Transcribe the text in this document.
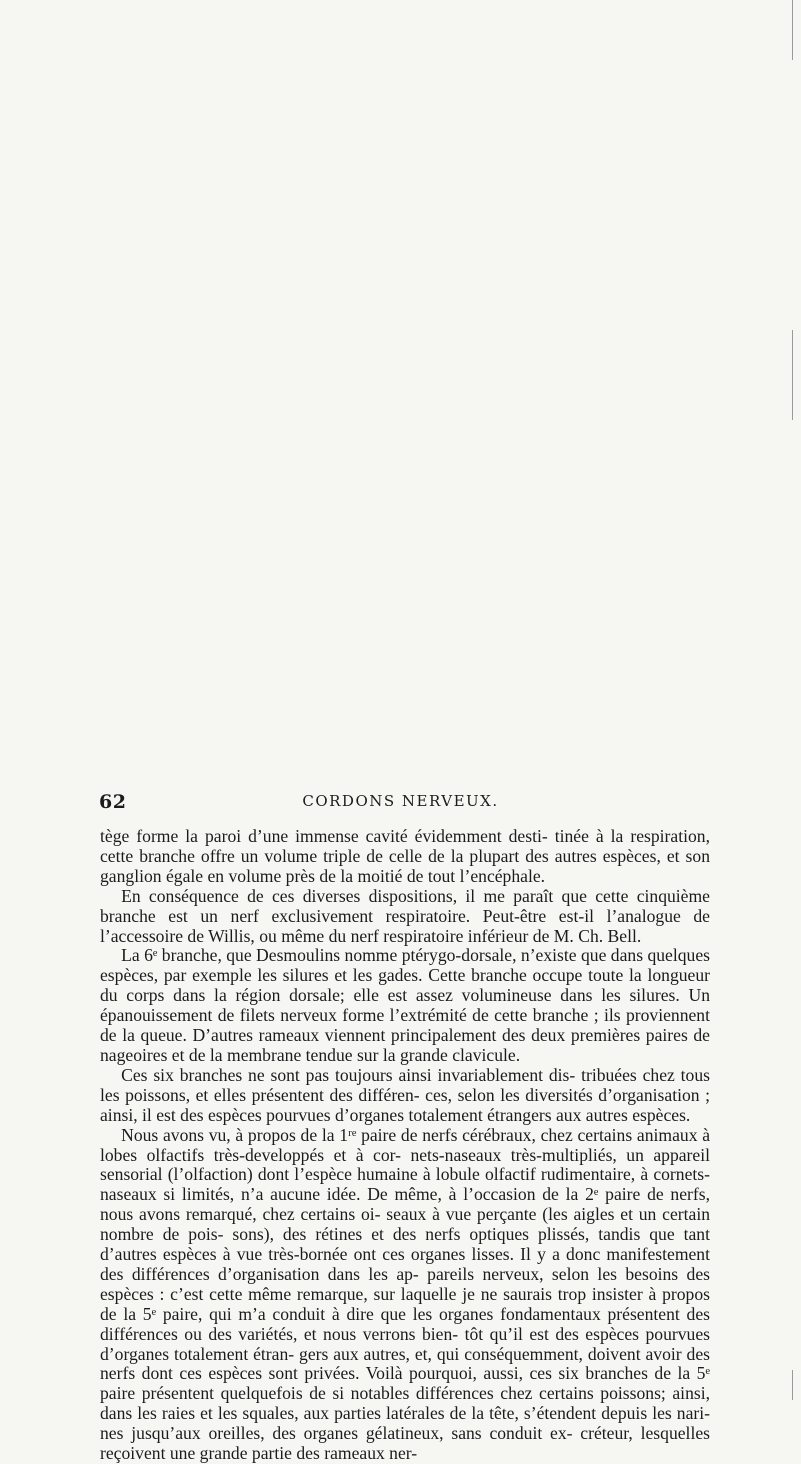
62	CORDONS NERVEUX.

tège forme la paroi d’une immense cavité évidemment desti- tinée à la respiration, cette branche offre un volume triple de celle de la plupart des autres espèces, et son ganglion égale en volume près de la moitié de tout l’encéphale.

En conséquence de ces diverses dispositions, il me paraît que cette cinquième branche est un nerf exclusivement respiratoire. Peut-être est-il l’analogue de l’accessoire de Willis, ou même du nerf respiratoire inférieur de M. Ch. Bell.

La 6ᵉ branche, que Desmoulins nomme ptérygo-dorsale, n’existe que dans quelques espèces, par exemple les silures et les gades. Cette branche occupe toute la longueur du corps dans la région dorsale; elle est assez volumineuse dans les silures. Un épanouissement de filets nerveux forme l’extrémité de cette branche ; ils proviennent de la queue. D’autres rameaux viennent principalement des deux premières paires de nageoires et de la membrane tendue sur la grande clavicule.

Ces six branches ne sont pas toujours ainsi invariablement dis- tribuées chez tous les poissons, et elles présentent des différen- ces, selon les diversités d’organisation ; ainsi, il est des espèces pourvues d’organes totalement étrangers aux autres espèces.

Nous avons vu, à propos de la 1ʳᵉ paire de nerfs cérébraux, chez certains animaux à lobes olfactifs très-developpés et à cor- nets-naseaux très-multipliés, un appareil sensorial (l’olfaction) dont l’espèce humaine à lobule olfactif rudimentaire, à cornets- naseaux si limités, n’a aucune idée. De même, à l’occasion de la 2ᵉ paire de nerfs, nous avons remarqué, chez certains oi- seaux à vue perçante (les aigles et un certain nombre de pois- sons), des rétines et des nerfs optiques plissés, tandis que tant d’autres espèces à vue très-bornée ont ces organes lisses. Il y a donc manifestement des différences d’organisation dans les ap- pareils nerveux, selon les besoins des espèces : c’est cette même remarque, sur laquelle je ne saurais trop insister à propos de la 5ᵉ paire, qui m’a conduit à dire que les organes fondamentaux présentent des différences ou des variétés, et nous verrons bien- tôt qu’il est des espèces pourvues d’organes totalement étran- gers aux autres, et, qui conséquemment, doivent avoir des nerfs dont ces espèces sont privées. Voilà pourquoi, aussi, ces six branches de la 5ᵉ paire présentent quelquefois de si notables différences chez certains poissons; ainsi, dans les raies et les squales, aux parties latérales de la tête, s’étendent depuis les nari- nes jusqu’aux oreilles, des organes gélatineux, sans conduit ex- créteur, lesquelles reçoivent une grande partie des rameaux ner-
